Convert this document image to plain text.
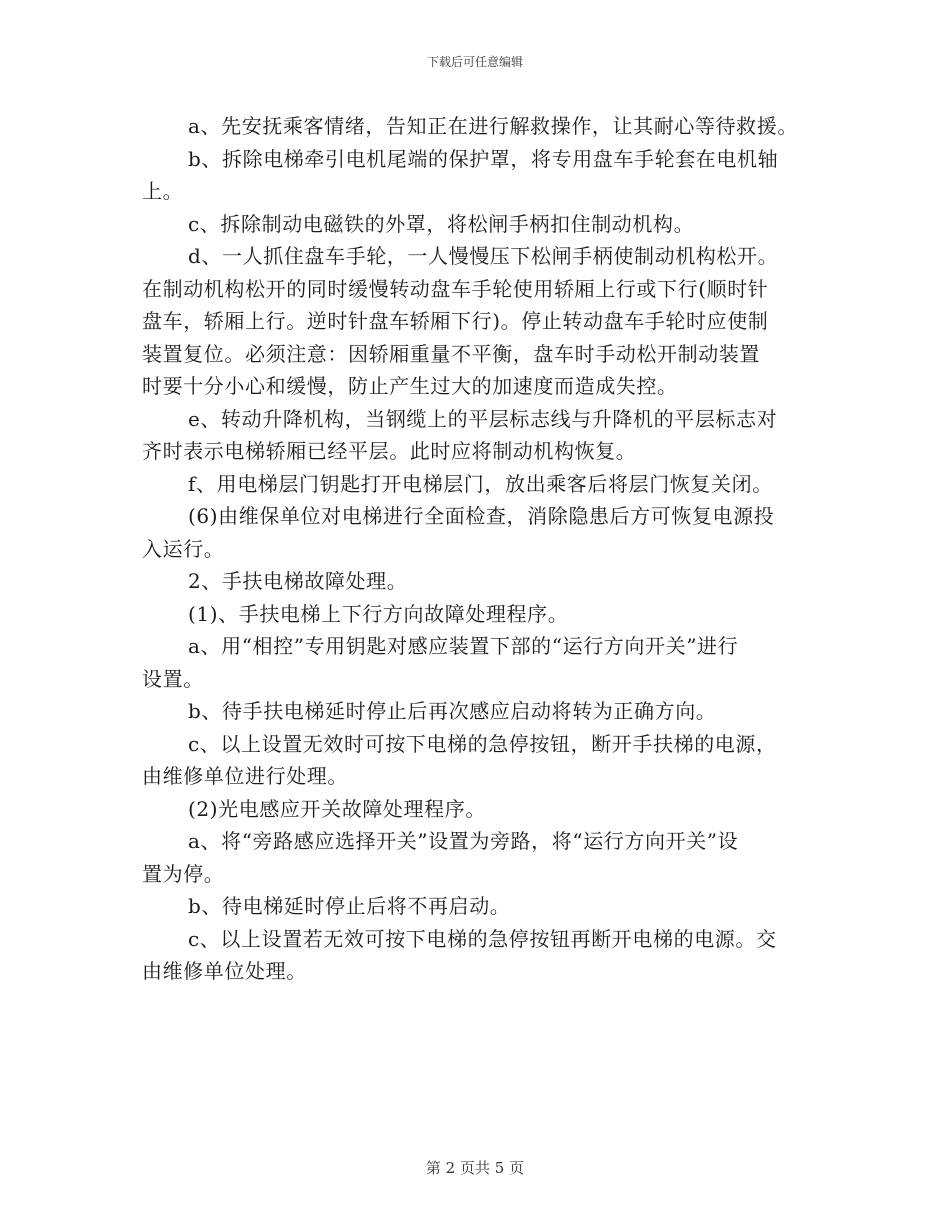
下载后可任意编辑

a、先安抚乘客情绪，告知正在进行解救操作，让其耐心等待救援。

b、拆除电梯牵引电机尾端的保护罩，将专用盘车手轮套在电机轴

上。

c、拆除制动电磁铁的外罩，将松闸手柄扣住制动机构。

d、一人抓住盘车手轮，一人慢慢压下松闸手柄使制动机构松开。

在制动机构松开的同时缓慢转动盘车手轮使用轿厢上行或下行(顺时针

盘车，轿厢上行。逆时针盘车轿厢下行)。停止转动盘车手轮时应使制

装置复位。必须注意：因轿厢重量不平衡，盘车时手动松开制动装置

时要十分小心和缓慢，防止产生过大的加速度而造成失控。

e、转动升降机构，当钢缆上的平层标志线与升降机的平层标志对

齐时表示电梯轿厢已经平层。此时应将制动机构恢复。

f、用电梯层门钥匙打开电梯层门，放出乘客后将层门恢复关闭。

(6)由维保单位对电梯进行全面检查，消除隐患后方可恢复电源投

入运行。

2、手扶电梯故障处理。

(1)、手扶电梯上下行方向故障处理程序。

a、用“相控”专用钥匙对感应装置下部的“运行方向开关”进行

设置。

b、待手扶电梯延时停止后再次感应启动将转为正确方向。

c、以上设置无效时可按下电梯的急停按钮，断开手扶梯的电源，

由维修单位进行处理。

(2)光电感应开关故障处理程序。

a、将“旁路感应选择开关”设置为旁路，将“运行方向开关”设

置为停。

b、待电梯延时停止后将不再启动。

c、以上设置若无效可按下电梯的急停按钮再断开电梯的电源。交

由维修单位处理。

第 2 页共 5 页
